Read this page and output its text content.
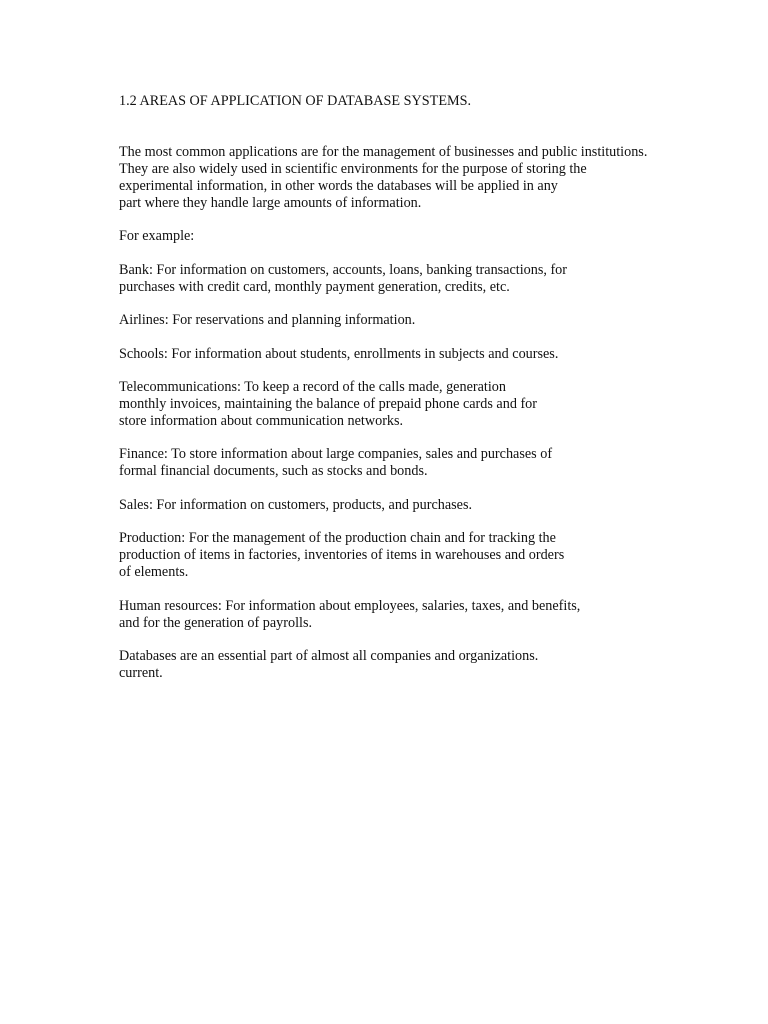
1.2 AREAS OF APPLICATION OF DATABASE SYSTEMS.

The most common applications are for the management of businesses and public institutions.
They are also widely used in scientific environments for the purpose of storing the
experimental information, in other words the databases will be applied in any
part where they handle large amounts of information.

For example:

Bank: For information on customers, accounts, loans, banking transactions, for
purchases with credit card, monthly payment generation, credits, etc.

Airlines: For reservations and planning information.

Schools: For information about students, enrollments in subjects and courses.

Telecommunications: To keep a record of the calls made, generation
monthly invoices, maintaining the balance of prepaid phone cards and for
store information about communication networks.

Finance: To store information about large companies, sales and purchases of
formal financial documents, such as stocks and bonds.

Sales: For information on customers, products, and purchases.

Production: For the management of the production chain and for tracking the
production of items in factories, inventories of items in warehouses and orders
of elements.

Human resources: For information about employees, salaries, taxes, and benefits,
and for the generation of payrolls.

Databases are an essential part of almost all companies and organizations.
current.
